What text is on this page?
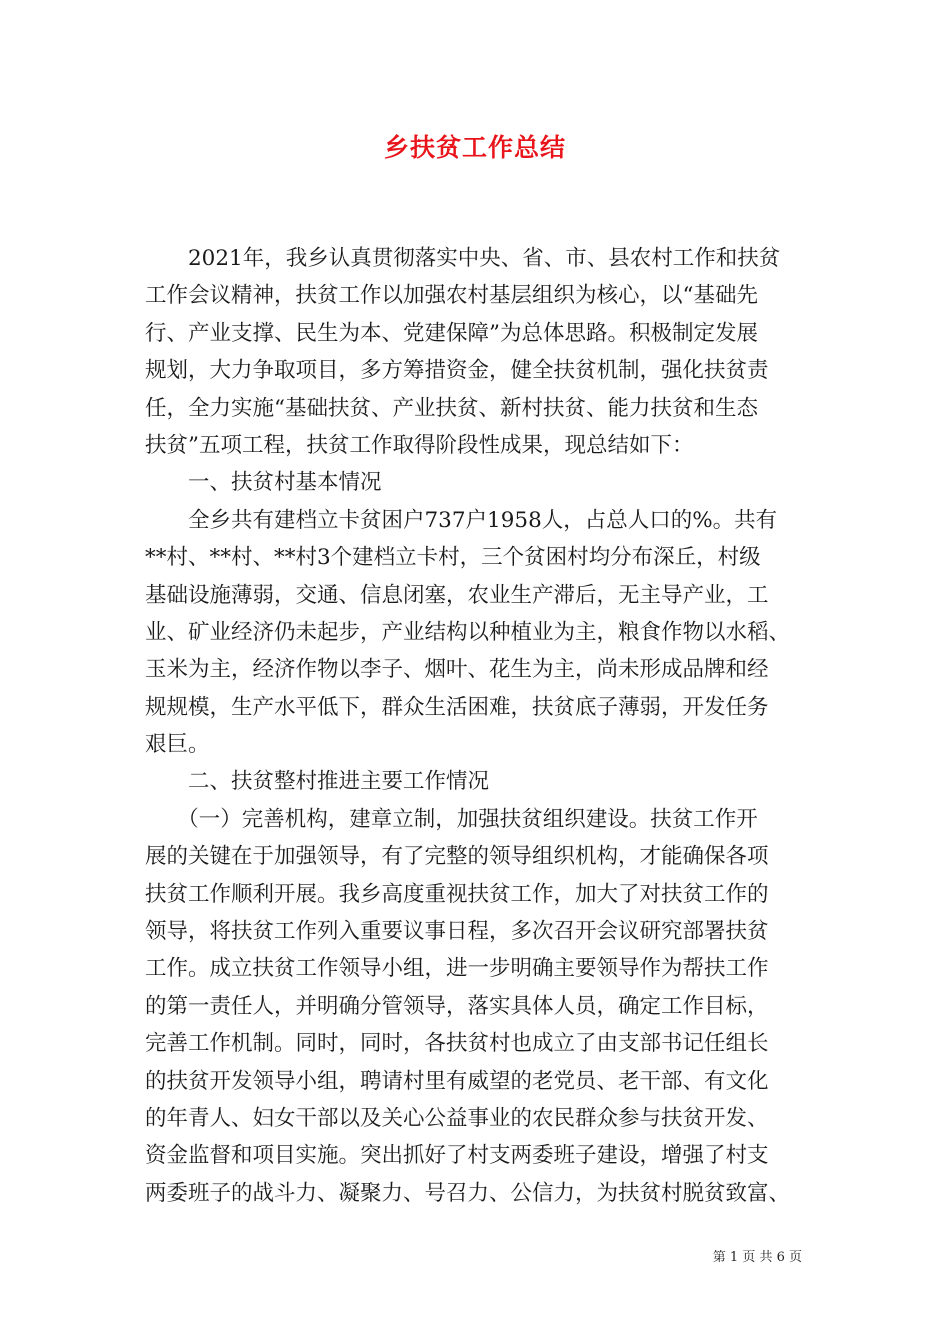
乡扶贫工作总结
　　2021年，我乡认真贯彻落实中央、省、市、县农村工作和扶贫
工作会议精神，扶贫工作以加强农村基层组织为核心，以“基础先
行、产业支撑、民生为本、党建保障”为总体思路。积极制定发展
规划，大力争取项目，多方筹措资金，健全扶贫机制，强化扶贫责
任，全力实施“基础扶贫、产业扶贫、新村扶贫、能力扶贫和生态
扶贫”五项工程，扶贫工作取得阶段性成果，现总结如下：
　　一、扶贫村基本情况
　　全乡共有建档立卡贫困户737户1958人，占总人口的%。共有
**村、**村、**村3个建档立卡村，三个贫困村均分布深丘，村级
基础设施薄弱，交通、信息闭塞，农业生产滞后，无主导产业，工
业、矿业经济仍未起步，产业结构以种植业为主，粮食作物以水稻、
玉米为主，经济作物以李子、烟叶、花生为主，尚未形成品牌和经
规规模，生产水平低下，群众生活困难，扶贫底子薄弱，开发任务
艰巨。
　　二、扶贫整村推进主要工作情况
　　（一）完善机构，建章立制，加强扶贫组织建设。扶贫工作开
展的关键在于加强领导，有了完整的领导组织机构，才能确保各项
扶贫工作顺利开展。我乡高度重视扶贫工作，加大了对扶贫工作的
领导，将扶贫工作列入重要议事日程，多次召开会议研究部署扶贫
工作。成立扶贫工作领导小组，进一步明确主要领导作为帮扶工作
的第一责任人，并明确分管领导，落实具体人员，确定工作目标，
完善工作机制。同时，同时，各扶贫村也成立了由支部书记任组长
的扶贫开发领导小组，聘请村里有威望的老党员、老干部、有文化
的年青人、妇女干部以及关心公益事业的农民群众参与扶贫开发、
资金监督和项目实施。突出抓好了村支两委班子建设，增强了村支
两委班子的战斗力、凝聚力、号召力、公信力，为扶贫村脱贫致富、
第 1 页 共 6 页
